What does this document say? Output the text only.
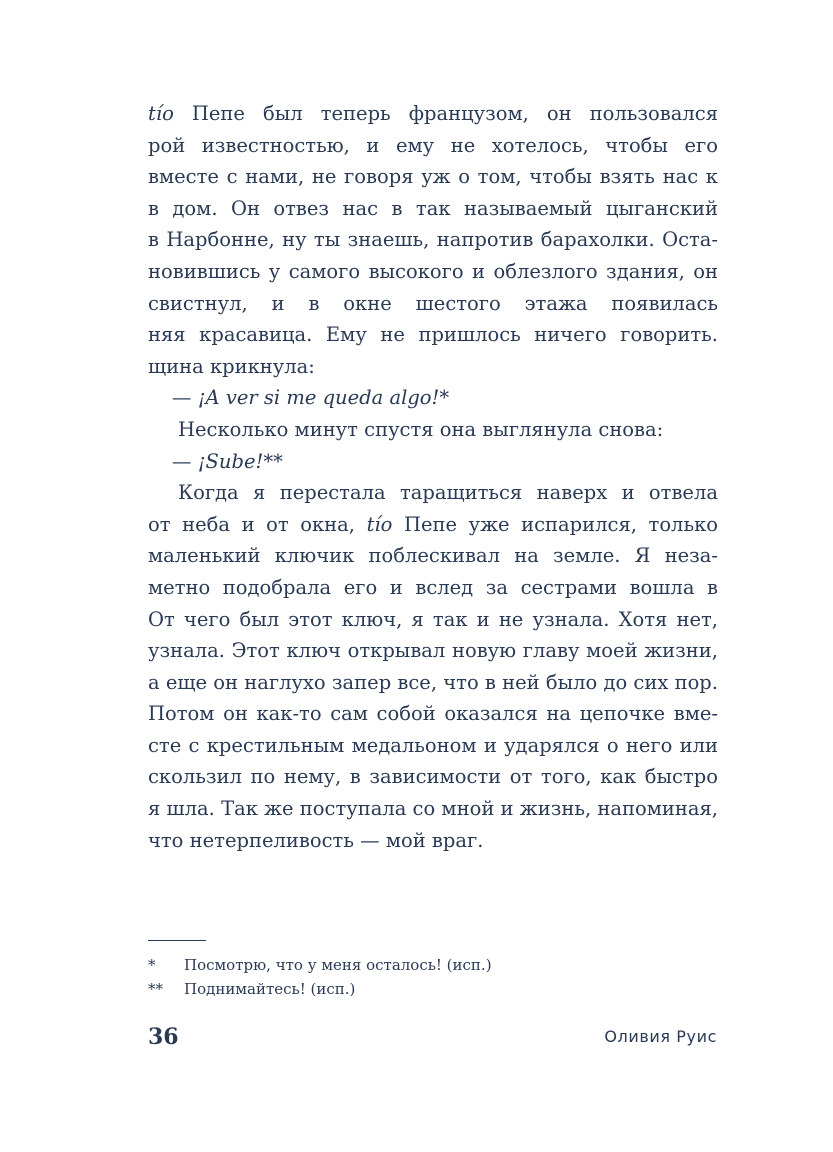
tío Пепе был теперь французом, он пользовался
рой известностью, и ему не хотелось, чтобы его
вместе с нами, не говоря уж о том, чтобы взять нас к
в дом. Он отвез нас в так называемый цыганский
в Нарбонне, ну ты знаешь, напротив барахолки. Оста-
новившись у самого высокого и облезлого здания, он
свистнул, и в окне шестого этажа появилась
няя красавица. Ему не пришлось ничего говорить.
щина крикнула:
— ¡A ver si me queda algo!*
Несколько минут спустя она выглянула снова:
— ¡Sube!**
Когда я перестала таращиться наверх и отвела
от неба и от окна, tío Пепе уже испарился, только
маленький ключик поблескивал на земле. Я неза-
метно подобрала его и вслед за сестрами вошла в
От чего был этот ключ, я так и не узнала. Хотя нет,
узнала. Этот ключ открывал новую главу моей жизни,
а еще он наглухо запер все, что в ней было до сих пор.
Потом он как-то сам собой оказался на цепочке вме-
сте с крестильным медальоном и ударялся о него или
скользил по нему, в зависимости от того, как быстро
я шла. Так же поступала со мной и жизнь, напоминая,
что нетерпеливость — мой враг.
*	Посмотрю, что у меня осталось! (исп.)
**	Поднимайтесь! (исп.)
36	Оливия Руис
